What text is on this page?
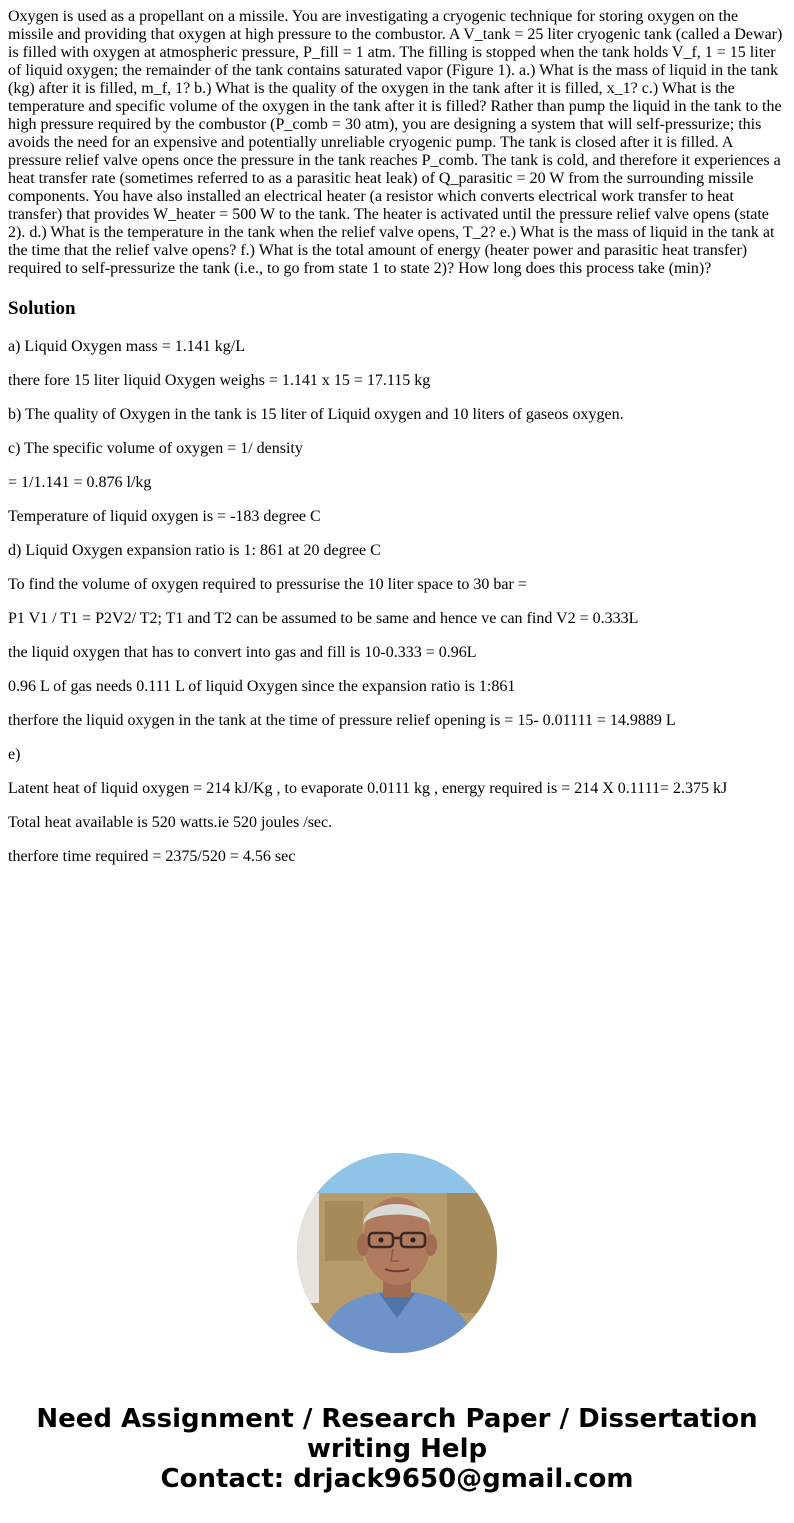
Oxygen is used as a propellant on a missile. You are investigating a cryogenic technique for storing oxygen on the missile and providing that oxygen at high pressure to the combustor. A V_tank = 25 liter cryogenic tank (called a Dewar) is filled with oxygen at atmospheric pressure, P_fill = 1 atm. The filling is stopped when the tank holds V_f, 1 = 15 liter of liquid oxygen; the remainder of the tank contains saturated vapor (Figure 1). a.) What is the mass of liquid in the tank (kg) after it is filled, m_f, 1? b.) What is the quality of the oxygen in the tank after it is filled, x_1? c.) What is the temperature and specific volume of the oxygen in the tank after it is filled? Rather than pump the liquid in the tank to the high pressure required by the combustor (P_comb = 30 atm), you are designing a system that will self-pressurize; this avoids the need for an expensive and potentially unreliable cryogenic pump. The tank is closed after it is filled. A pressure relief valve opens once the pressure in the tank reaches P_comb. The tank is cold, and therefore it experiences a heat transfer rate (sometimes referred to as a parasitic heat leak) of Q_parasitic = 20 W from the surrounding missile components. You have also installed an electrical heater (a resistor which converts electrical work transfer to heat transfer) that provides W_heater = 500 W to the tank. The heater is activated until the pressure relief valve opens (state 2). d.) What is the temperature in the tank when the relief valve opens, T_2? e.) What is the mass of liquid in the tank at the time that the relief valve opens? f.) What is the total amount of energy (heater power and parasitic heat transfer) required to self-pressurize the tank (i.e., to go from state 1 to state 2)? How long does this process take (min)?

Solution
a) Liquid Oxygen mass = 1.141 kg/L
there fore 15 liter liquid Oxygen weighs = 1.141 x 15 = 17.115 kg
b) The quality of Oxygen in the tank is 15 liter of Liquid oxygen and 10 liters of gaseos oxygen.
c) The specific volume of oxygen = 1/ density
= 1/1.141 = 0.876 l/kg
Temperature of liquid oxygen is = -183 degree C
d) Liquid Oxygen expansion ratio is 1: 861 at 20 degree C
To find the volume of oxygen required to pressurise the 10 liter space to 30 bar =
P1 V1 / T1 = P2V2/ T2; T1 and T2 can be assumed to be same and hence ve can find V2 = 0.333L
the liquid oxygen that has to convert into gas and fill is 10-0.333 = 0.96L
0.96 L of gas needs 0.111 L of liquid Oxygen since the expansion ratio is 1:861
therfore the liquid oxygen in the tank at the time of pressure relief opening is = 15- 0.01111 = 14.9889 L
e)
Latent heat of liquid oxygen = 214 kJ/Kg , to evaporate 0.0111 kg , energy required is = 214 X 0.1111= 2.375 kJ
Total heat available is 520 watts.ie 520 joules /sec.
therfore time required = 2375/520 = 4.56 sec
Need Assignment / Research Paper / Dissertation
writing Help
Contact: drjack9650@gmail.com
